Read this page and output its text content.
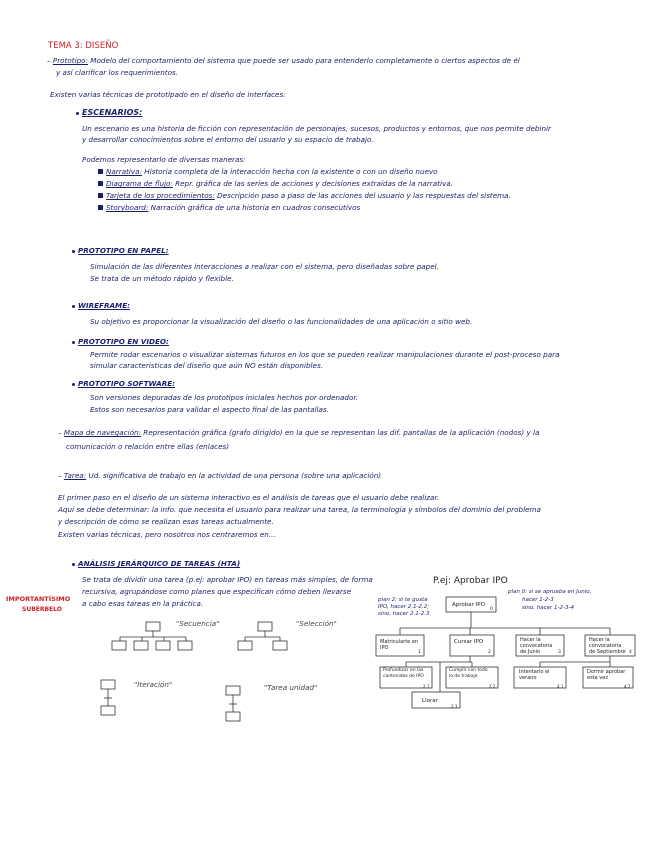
TEMA 3: DISEÑO
– Prototipo: Modelo del comportamiento del sistema que puede ser usado para entenderlo completamente o ciertos aspectos de él
y así clarificar los requerimientos.
Existen varias técnicas de prototipado en el diseño de interfaces:
ESCENARIOS:
Un escenario es una historia de ficción con representación de personajes, sucesos, productos y entornos, que nos permite debinir
y desarrollar conocimientos sobre el entorno del usuario y su espacio de trabajo.
Podemos representarlo de diversas maneras:
Narrativa: Historia completa de la interacción hecha con la existente o con un diseño nuevo
Diagrama de flujo: Repr. gráfica de las series de acciones y decisiones extraídas de la narrativa.
Tarjeta de los procedimientos: Descripción paso a paso de las acciones del usuario y las respuestas del sistema.
Storyboard: Narración gráfica de una historia en cuadros consecutivos
PROTOTIPO EN PAPEL:
Simulación de las diferentes interacciones a realizar con el sistema, pero diseñadas sobre papel.
Se trata de un método rápido y flexible.
WIREFRAME:
Su objetivo es proporcionar la visualización del diseño o las funcionalidades de una aplicación o sitio web.
PROTOTIPO EN VIDEO:
Permite rodar escenarios o visualizar sistemas futuros en los que se pueden realizar manipulaciones durante el post-proceso para
simular características del diseño que aún NO están disponibles.
PROTOTIPO SOFTWARE:
Son versiones depuradas de los prototipos iniciales hechos por ordenador.
Estos son necesarios para validar el aspecto final de las pantallas.
– Mapa de navegación: Representación gráfica (grafo dirigido) en la que se representan las dif. pantallas de la aplicación (nodos) y la
comunicación o relación entre ellas (enlaces)
– Tarea: Ud. significativa de trabajo en la actividad de una persona (sobre una aplicación)
El primer paso en el diseño de un sistema interactivo es el análisis de tareas que el usuario debe realizar.
Aquí se debe determinar: la info. que necesita el usuario para realizar una tarea, la terminología y símbolos del dominio del problema
y descripción de cómo se realizan esas tareas actualmente.
Existen varias técnicas, pero nosotros nos centraremos en...
ANÁLISIS JERÁRQUICO DE TAREAS (HTA)
Se trata de dividir una tarea (p.ej: aprobar IPO) en tareas más simples, de forma
recursiva, agrupándose como planes que especifican cómo deben llevarse
a cabo esas tareas en la práctica.
IMPORTANTÍSIMO
SUBÉRBELO
"Secuencia"	"Selección"
"Iteración"	"Tarea unidad"
P.ej: Aprobar IPO
plan 2: si te gusta
IPO, hacer 2.1-2.2;
sino, hacer 2.1-2.3
plan 0: si se aprueba en Junio,
hacer 1-2-3
sino, hacer 1-2-3-4
Aprobar IPO
0
Matricularte en IPO
1
Cursar IPO
2
Hacer la convocatoria de Junio	3
Hacer la convocatoria de Septiembre 4
Profundizar en las contenidos de IPO
2.1
Cumplir con todo lo de trabajo
2.2
Llorar
2.3
Intentarlo el verano
4.1
Dormir aprobar esta vez
4.2
